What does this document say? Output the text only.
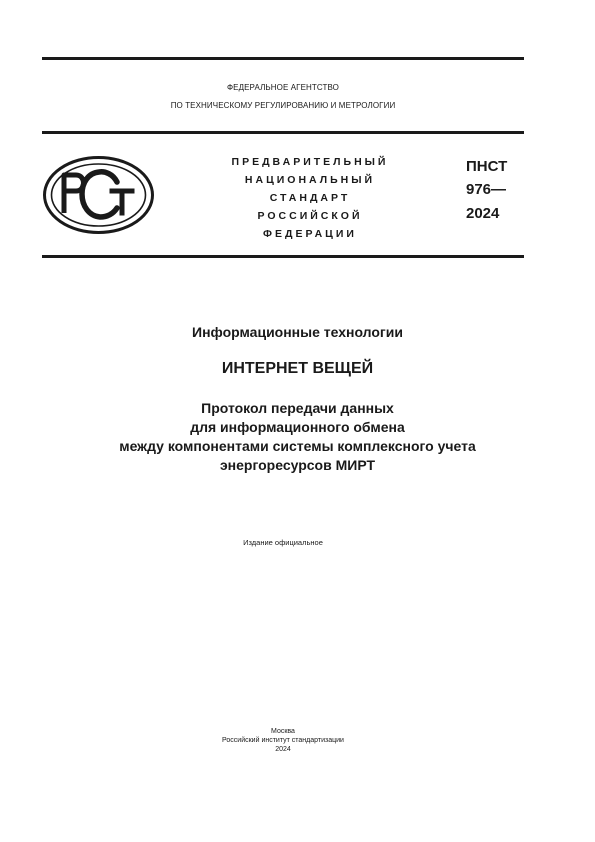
ФЕДЕРАЛЬНОЕ АГЕНТСТВО
ПО ТЕХНИЧЕСКОМУ РЕГУЛИРОВАНИЮ И МЕТРОЛОГИИ
ПРЕДВАРИТЕЛЬНЫЙ
НАЦИОНАЛЬНЫЙ
СТАНДАРТ
РОССИЙСКОЙ
ФЕДЕРАЦИИ
ПНСТ
976—
2024
Информационные технологии
ИНТЕРНЕТ ВЕЩЕЙ
Протокол передачи данных
для информационного обмена
между компонентами системы комплексного учета
энергоресурсов МИРТ
Издание официальное
Москва
Российский институт стандартизации
2024
